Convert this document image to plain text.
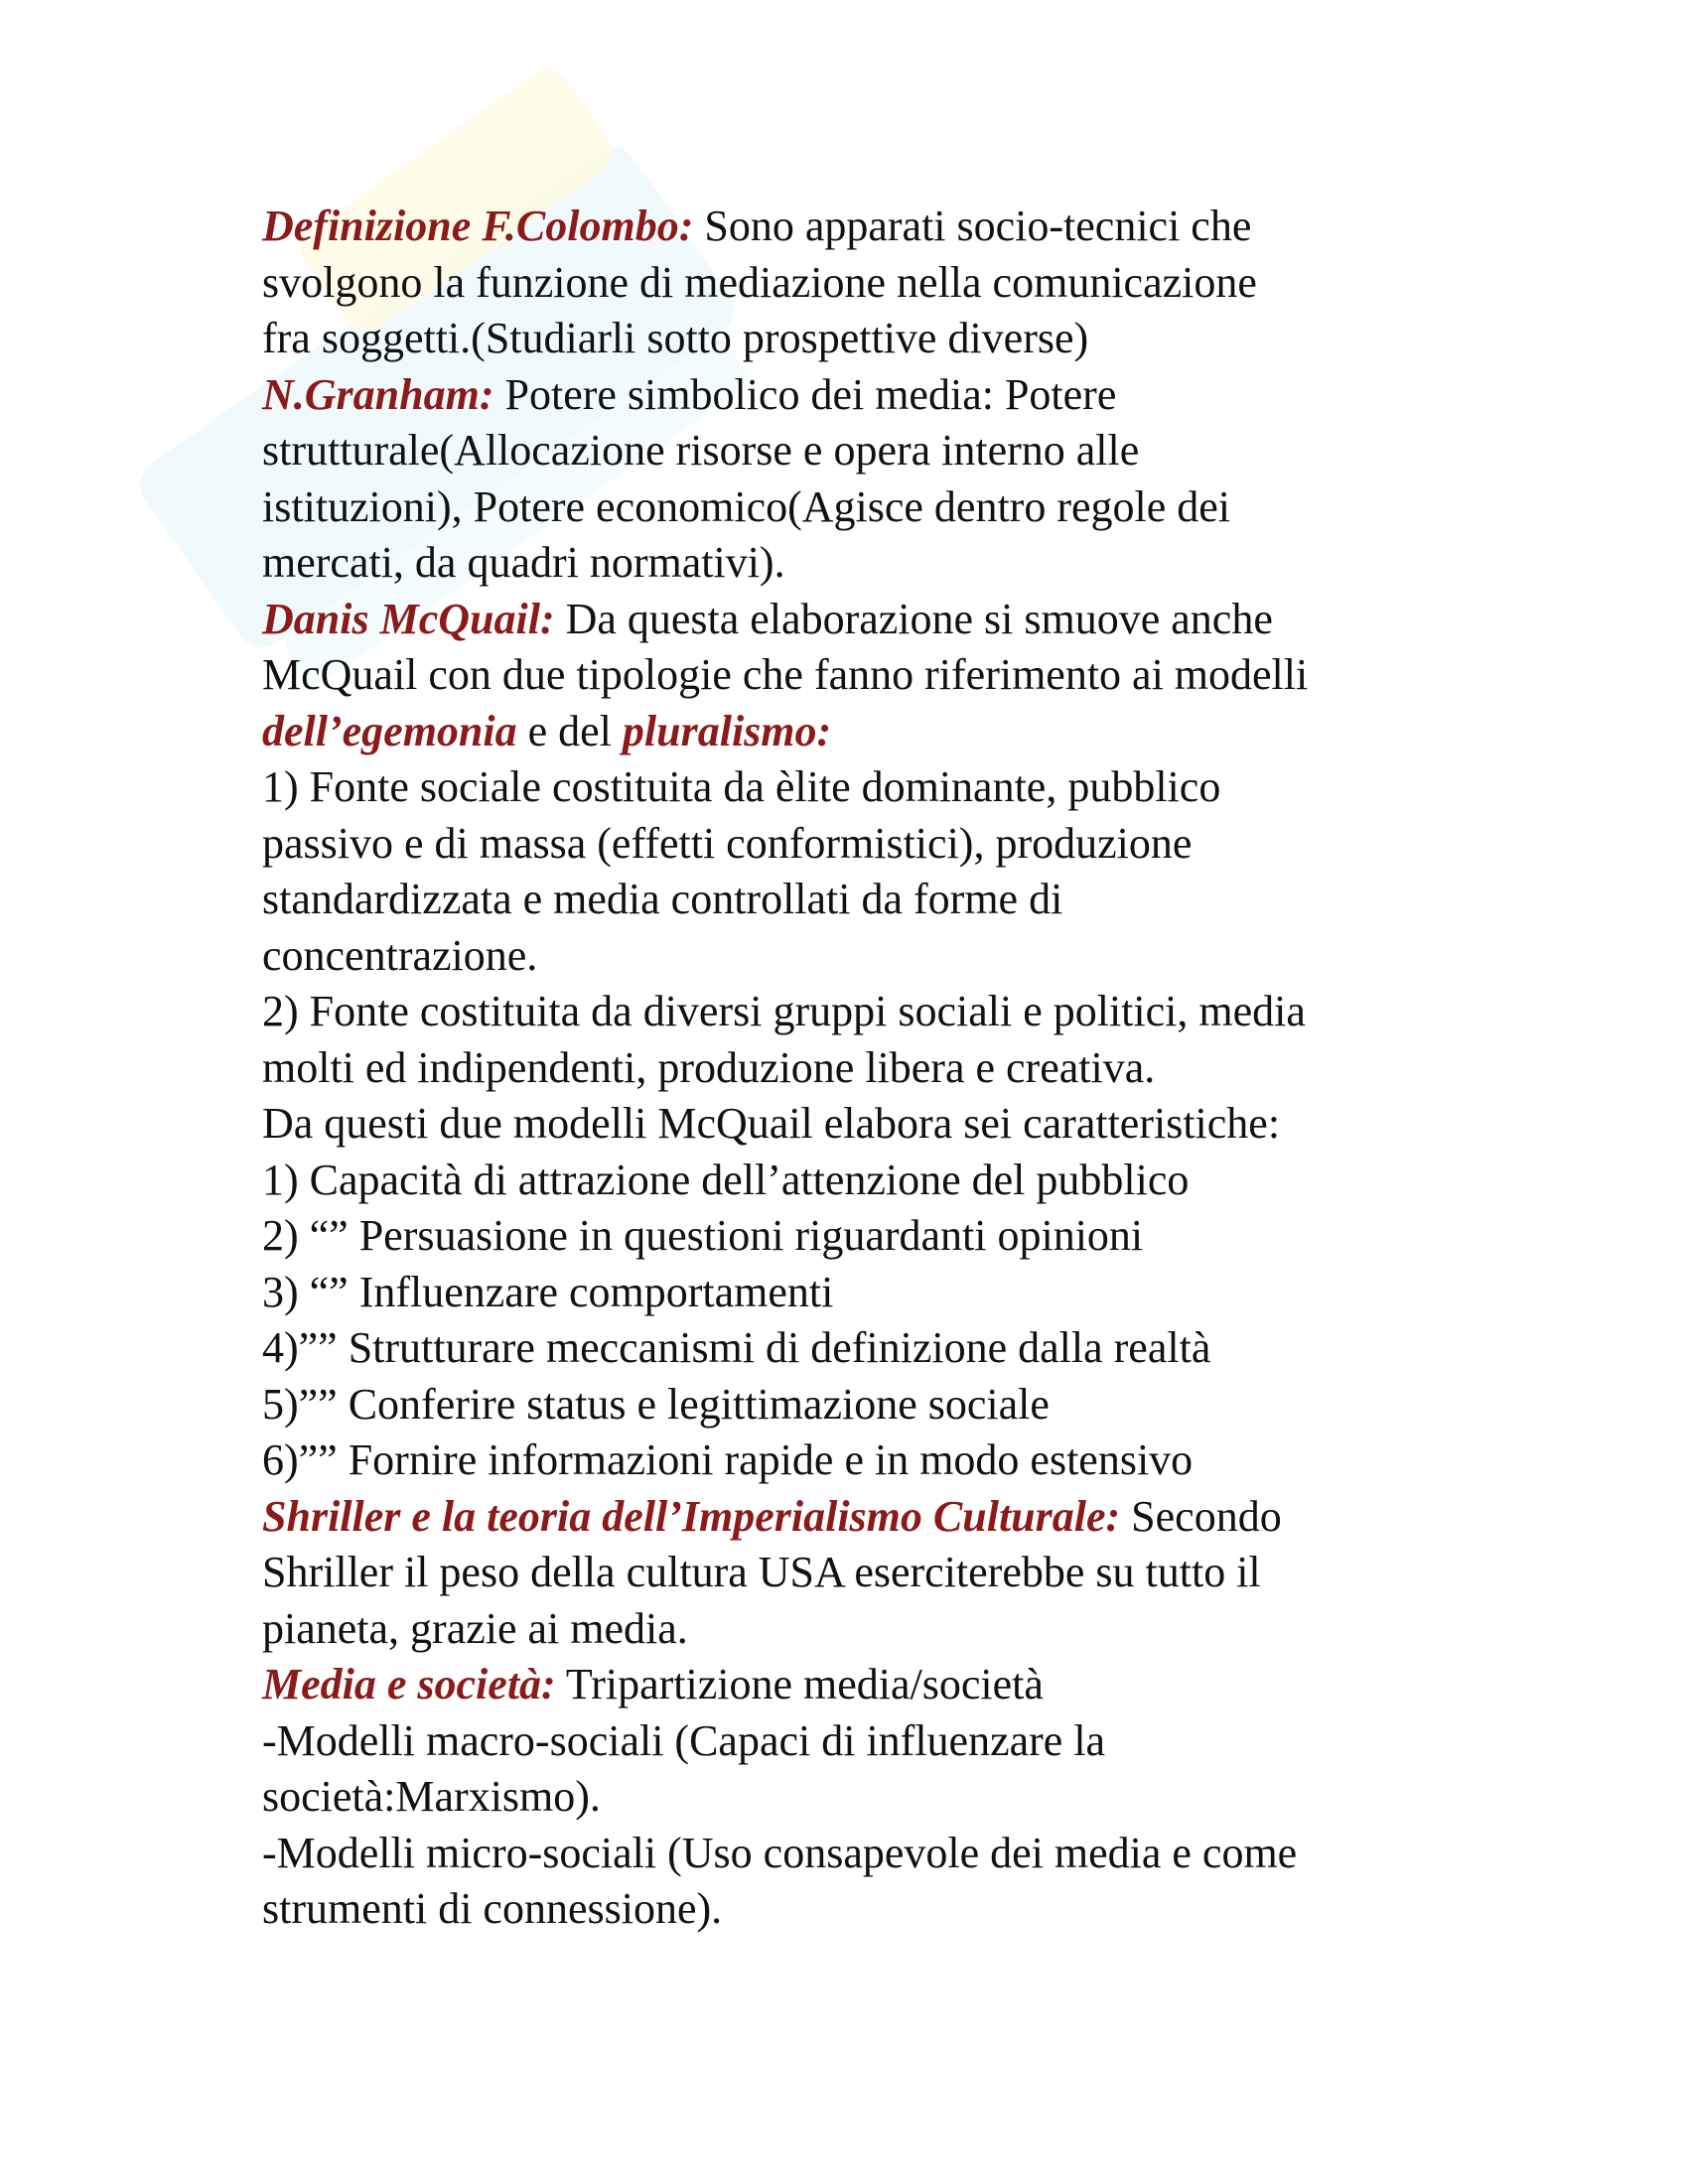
Definizione F.Colombo: Sono apparati socio-tecnici che
svolgono la funzione di mediazione nella comunicazione
fra soggetti.(Studiarli sotto prospettive diverse)
N.Granham: Potere simbolico dei media: Potere
strutturale(Allocazione risorse e opera interno alle
istituzioni), Potere economico(Agisce dentro regole dei
mercati, da quadri normativi).
Danis McQuail: Da questa elaborazione si smuove anche
McQuail con due tipologie che fanno riferimento ai modelli
dell’egemonia e del pluralismo:
1) Fonte sociale costituita da èlite dominante, pubblico
passivo e di massa (effetti conformistici), produzione
standardizzata e media controllati da forme di
concentrazione.
2) Fonte costituita da diversi gruppi sociali e politici, media
molti ed indipendenti, produzione libera e creativa.
Da questi due modelli McQuail elabora sei caratteristiche:
1) Capacità di attrazione dell’attenzione del pubblico
2) “” Persuasione in questioni riguardanti opinioni
3) “” Influenzare comportamenti
4)”” Strutturare meccanismi di definizione dalla realtà
5)”” Conferire status e legittimazione sociale
6)”” Fornire informazioni rapide e in modo estensivo
Shriller e la teoria dell’Imperialismo Culturale: Secondo
Shriller il peso della cultura USA eserciterebbe su tutto il
pianeta, grazie ai media.
Media e società: Tripartizione media/società
-Modelli macro-sociali (Capaci di influenzare la
società:Marxismo).
-Modelli micro-sociali (Uso consapevole dei media e come
strumenti di connessione).
